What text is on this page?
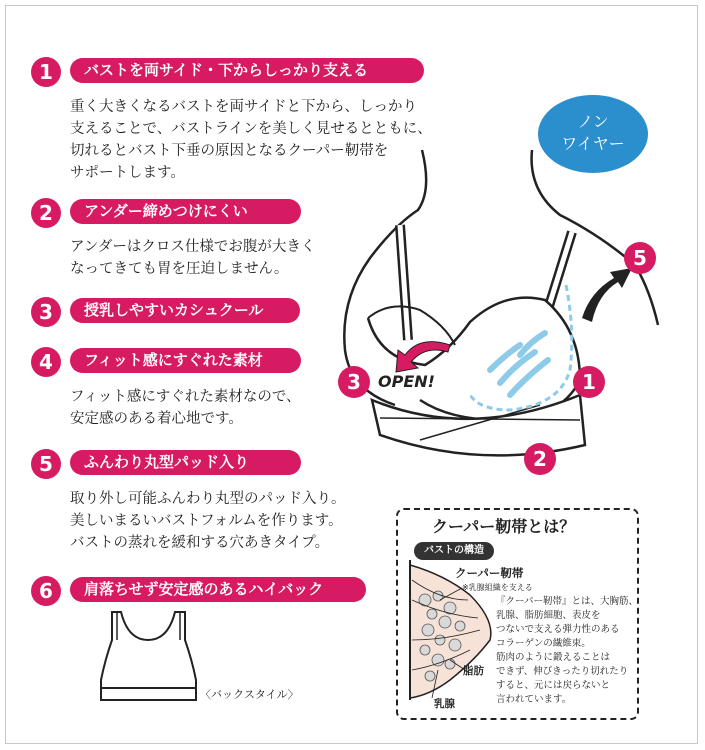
1	バストを両サイド・下からしっかり支える
重く大きくなるバストを両サイドと下から、しっかり
支えることで、バストラインを美しく見せるとともに、
切れるとバスト下垂の原因となるクーパー靭帯を
サポートします。
2	アンダー締めつけにくい
アンダーはクロス仕様でお腹が大きく
なってきても胃を圧迫しません。
3	授乳しやすいカシュクール
4	フィット感にすぐれた素材
フィット感にすぐれた素材なので、
安定感のある着心地です。
5	ふんわり丸型パッド入り
取り外し可能ふんわり丸型のパッド入り。
美しいまるいバストフォルムを作ります。
バストの蒸れを緩和する穴あきタイプ。
6	肩落ちせず安定感のあるハイバック
〈バックスタイル〉
ノン
ワイヤー
5
3	1
2
OPEN!
クーパー靭帯とは？
バストの構造
クーパー靭帯
※乳腺組織を支える
『クーパー靭帯』とは、大胸筋、
乳腺、脂肪細胞、表皮を
つないで支える弾力性のある
コラーゲンの繊維束。
筋肉のように鍛えることは
できず、伸びきったり切れたり
すると、元には戻らないと
言われています。
脂肪
乳腺
